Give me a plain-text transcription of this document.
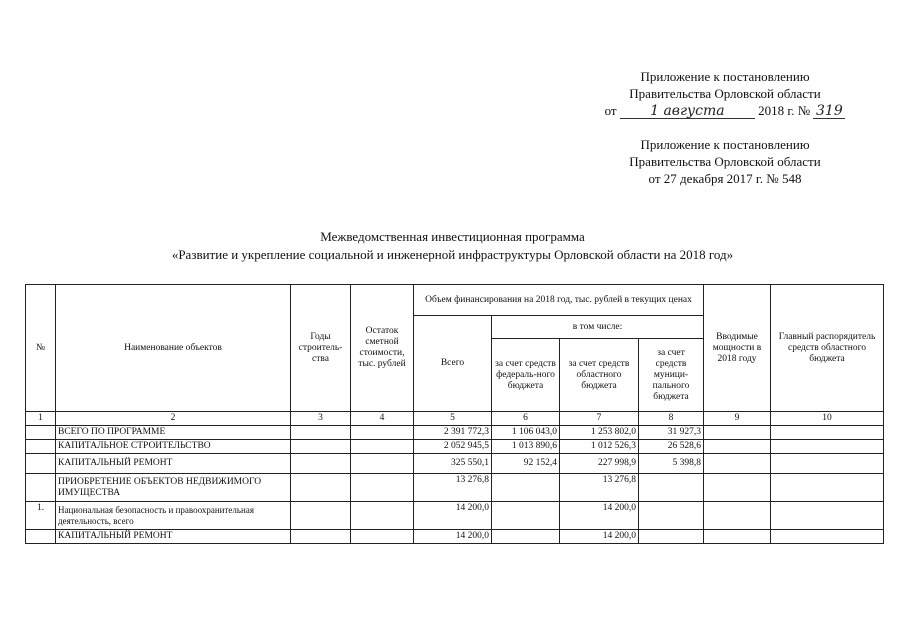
Приложение к постановлению
Правительства Орловской области
от 1 августа	2018 г. № 319
Приложение к постановлению
Правительства Орловской области
от 27 декабря 2017 г. № 548
Межведомственная инвестиционная программа
«Развитие и укрепление социальной и инженерной инфраструктуры Орловской области на 2018 год»
№	Наименование объектов	Годы строитель-ства	Остаток сметной стоимости, тыс. рублей	Объем финансирования на 2018 год, тыс. рублей в текущих ценах				Вводимые мощности в 2018 году	Главный распорядитель средств областного бюджета
				Всего	в том числе:				
					за счет средств федераль-ного бюджета	за счет средств областного бюджета	за счет средств муници-пального бюджета		
1	2	3	4	5	6	7	8	9	10
	ВСЕГО ПО ПРОГРАММЕ			2 391 772,3	1 106 043,0	1 253 802,0	31 927,3		
	КАПИТАЛЬНОЕ СТРОИТЕЛЬСТВО			2 052 945,5	1 013 890,6	1 012 526,3	26 528,6		
	КАПИТАЛЬНЫЙ РЕМОНТ			325 550,1	92 152,4	227 998,9	5 398,8		
	ПРИОБРЕТЕНИЕ ОБЪЕКТОВ НЕДВИЖИМОГО ИМУЩЕСТВА			13 276,8		13 276,8			
1.	Национальная безопасность и правоохранительная деятельность, всего			14 200,0		14 200,0			
	КАПИТАЛЬНЫЙ РЕМОНТ			14 200,0		14 200,0			
